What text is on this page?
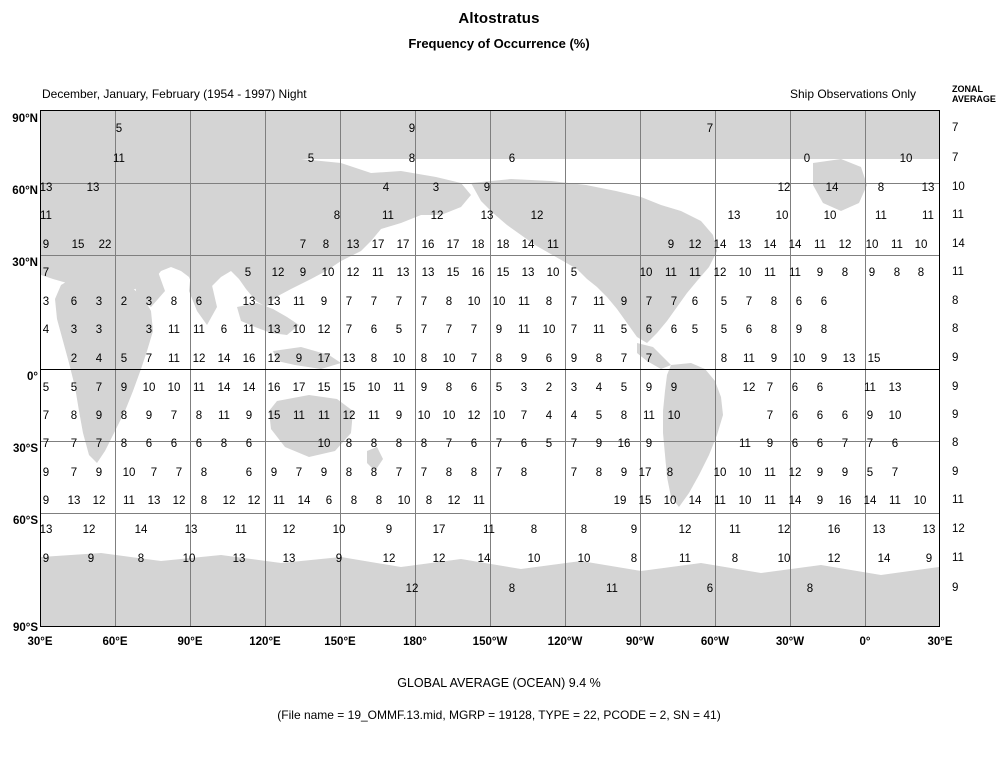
Altostratus
Frequency of Occurrence (%)
December, January, February (1954 - 1997) Night	Ship Observations Only	ZONAL
AVERAGE
5	9	7
11	5	8	6	0	10
13	13	4	3	9	12	14	8	13
11	8	11	12	13	12	13	10	10	11	11
9	15	22	7	8	13	17	17	16	17	18	18	14	11	9	12	14	13	14	14	11	12	10	11	10
7	5	12	9	10	12	11	13	13	15	16	15	13	10 5	10	11	11	12	10	11	11	9	8	9	8	8
3	6	3	2	3	8	6	13	13	11	9	7	7	7	7	8	10	10	11	8	7	11	9	7	7	6	5	7	8	6	6
4	3	3	3	11	11	6	11	13	10	12	7	6	5	7	7	7	9	11	10	7	11	5	6	6	5	5	6	8	9	8
2	4	5	7	11	12	14	16	12	9	17	13	8	10	8	10	7	8	9	6	9	8	7	7	8	11	9	10	9	13	15
5	5	7	9	10	10	11	14	14	16	17	15	15	10	11	9	8	6	5	3	2	3	4	5	9	9	12 7	6	6	11	13
7	8	9	8	9	7	8	11	9	15	11	11	12	11	9	10	10	12	10	7	4	4	5	8	11	10	7	6	6	6	9	10
7	7	7	8	6	6	6	8	6	10	8	8	8	8	7	6	7	6	5	7	9	16	9	11	9	6	6	7	7	6
9	7	9	10	7	7	8	6	9	7	9	8	8	7	7	8	8	7	8	7	8	9 17	8	10	10	11	12	9	9	5	7
9	13	12	11	13	12	8	12	12	11	14	6	8	8	10	8	12	11	19	15	10	14	11	10	11	14	9	16	14	11	10
13	12	14	13	11	12	10	9	17	11	8	8	9	12	11	12	16	13	13
9	9	8	10	13	13	9	12	12	14	10	10	8	11	8	10	12	14	9
12	8	11	6	8
90°N
60°N
30°N
0°
30°S
60°S
90°S
30°E	60°E	90°E	120°E	150°E	180°	150°W	120°W	90°W	60°W	30°W	0°	30°E
7
7
10
11
14
11
8
8
9
9
9
8
9
11
12
11
9
GLOBAL AVERAGE (OCEAN) 9.4 %
(File name = 19_OMMF.13.mid, MGRP = 19128, TYPE = 22, PCODE = 2, SN = 41)
